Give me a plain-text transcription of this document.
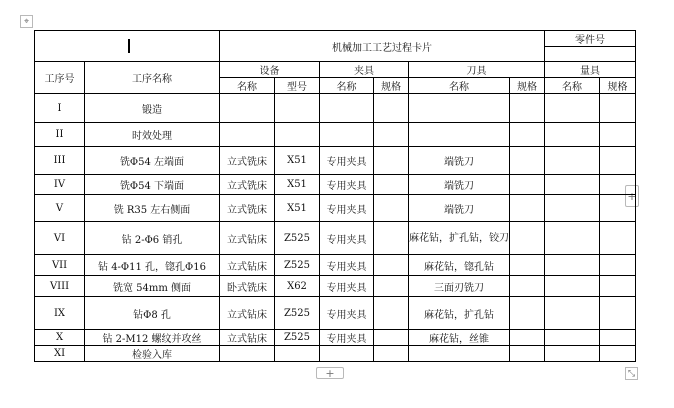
⌖
+
+	⤡
		机械加工工艺过程卡片						零件号	

工序号	工序名称	设备		夹具		刀具		量具	
		名称	型号	名称	规格	名称	规格	名称	规格
I	锻造								
II	时效处理								
III	铣Φ54 左端面	立式铣床	X51	专用夹具		端铣刀			
IV	铣Φ54 下端面	立式铣床	X51	专用夹具		端铣刀			
V	铣 R35 左右侧面	立式铣床	X51	专用夹具		端铣刀			
VI	钻 2-Φ6 销孔	立式钻床	Z525	专用夹具		麻花钻，扩孔钻，铰刀			
VII	钻 4-Φ11 孔，锪孔Φ16	立式钻床	Z525	专用夹具		麻花钻，锪孔钻			
VIII	铣宽 54mm 侧面	卧式铣床	X62	专用夹具		三面刃铣刀			
IX	钻Φ8 孔	立式钻床	Z525	专用夹具		麻花钻，扩孔钻			
X	钻 2-M12 螺纹并攻丝	立式钻床	Z525	专用夹具		麻花钻，丝锥			
XI	检验入库								
